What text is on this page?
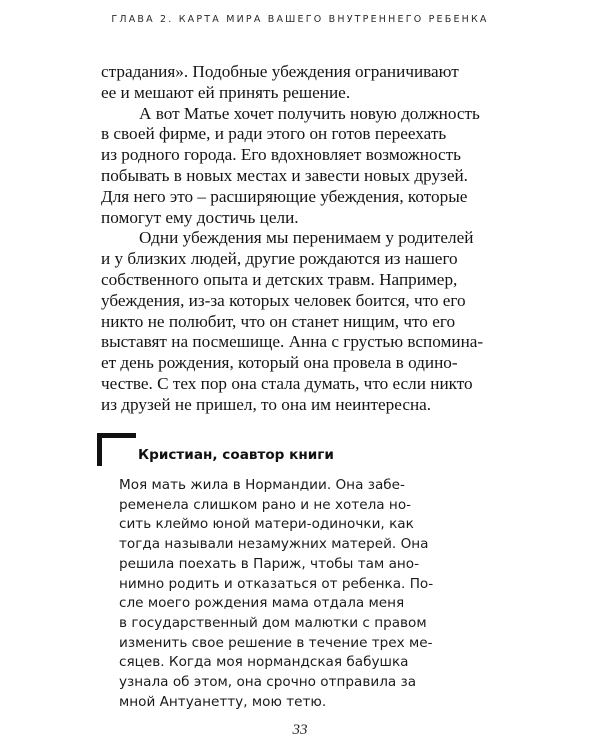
ГЛАВА 2. КАРТА МИРА ВАШЕГО ВНУТРЕННЕГО РЕБЕНКА
страдания». Подобные убеждения ограничивают
ее и мешают ей принять решение.
А вот Матье хочет получить новую должность
в своей фирме, и ради этого он готов переехать
из родного города. Его вдохновляет возможность
побывать в новых местах и завести новых друзей.
Для него это – расширяющие убеждения, которые
помогут ему достичь цели.
Одни убеждения мы перенимаем у родителей
и у близких людей, другие рождаются из нашего
собственного опыта и детских травм. Например,
убеждения, из-за которых человек боится, что его
никто не полюбит, что он станет нищим, что его
выставят на посмешище. Анна с грустью вспомина-
ет день рождения, который она провела в одино-
честве. С тех пор она стала думать, что если никто
из друзей не пришел, то она им неинтересна.
Кристиан, соавтор книги
Моя мать жила в Нормандии. Она забе-
ременела слишком рано и не хотела но-
сить клеймо юной матери-одиночки, как
тогда называли незамужних матерей. Она
решила поехать в Париж, чтобы там ано-
нимно родить и отказаться от ребенка. По-
сле моего рождения мама отдала меня
в государственный дом малютки с правом
изменить свое решение в течение трех ме-
сяцев. Когда моя нормандская бабушка
узнала об этом, она срочно отправила за
мной Антуанетту, мою тетю.
33
